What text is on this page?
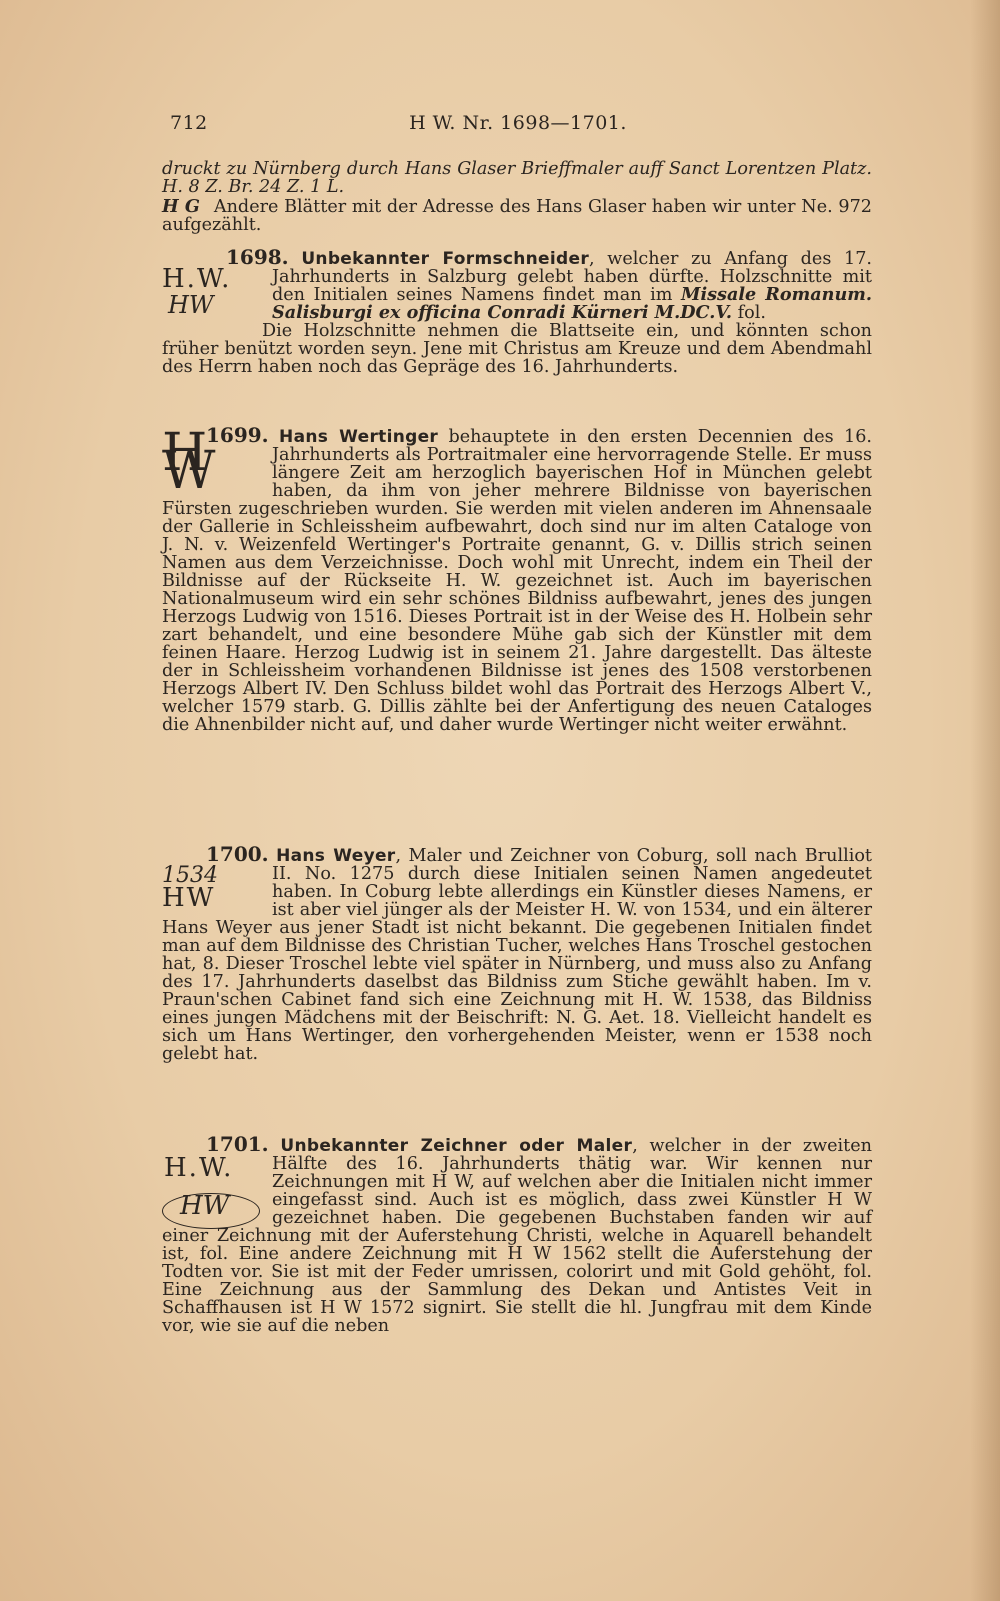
712	H W. Nr. 1698—1701.

druckt zu Nürnberg durch Hans Glaser Brieffmaler auff Sanct Lorentzen Platz. H. 8 Z. Br. 24 Z. 1 L.

H G Andere Blätter mit der Adresse des Hans Glaser haben wir unter Ne. 972 aufgezählt.

H.W.
HW
1698. Unbekannter Formschneider, welcher zu Anfang des 17. Jahrhunderts in Salzburg gelebt haben dürfte. Holzschnitte mit den Initialen seines Namens findet man im Missale Romanum. Salisburgi ex officina Conradi Kürneri M.DC.V. fol.

Die Holzschnitte nehmen die Blattseite ein, und könnten schon früher benützt worden seyn. Jene mit Christus am Kreuze und dem Abendmahl des Herrn haben noch das Gepräge des 16. Jahrhunderts.

H W
1699. Hans Wertinger behauptete in den ersten Decennien des 16. Jahrhunderts als Portraitmaler eine hervorragende Stelle. Er muss längere Zeit am herzoglich bayerischen Hof in München gelebt haben, da ihm von jeher mehrere Bildnisse von bayerischen Fürsten zugeschrieben wurden. Sie werden mit vielen anderen im Ahnensaale der Gallerie in Schleissheim aufbewahrt, doch sind nur im alten Cataloge von J. N. v. Weizenfeld Wertinger's Portraite genannt, G. v. Dillis strich seinen Namen aus dem Verzeichnisse. Doch wohl mit Unrecht, indem ein Theil der Bildnisse auf der Rückseite H. W. gezeichnet ist. Auch im bayerischen Nationalmuseum wird ein sehr schönes Bildniss aufbewahrt, jenes des jungen Herzogs Ludwig von 1516. Dieses Portrait ist in der Weise des H. Holbein sehr zart behandelt, und eine besondere Mühe gab sich der Künstler mit dem feinen Haare. Herzog Ludwig ist in seinem 21. Jahre dargestellt. Das älteste der in Schleissheim vorhandenen Bildnisse ist jenes des 1508 verstorbenen Herzogs Albert IV. Den Schluss bildet wohl das Portrait des Herzogs Albert V., welcher 1579 starb. G. Dillis zählte bei der Anfertigung des neuen Cataloges die Ahnenbilder nicht auf, und daher wurde Wertinger nicht weiter erwähnt.

1534
HW
1700. Hans Weyer, Maler und Zeichner von Coburg, soll nach Brulliot II. No. 1275 durch diese Initialen seinen Namen angedeutet haben. In Coburg lebte allerdings ein Künstler dieses Namens, er ist aber viel jünger als der Meister H. W. von 1534, und ein älterer Hans Weyer aus jener Stadt ist nicht bekannt. Die gegebenen Initialen findet man auf dem Bildnisse des Christian Tucher, welches Hans Troschel gestochen hat, 8. Dieser Troschel lebte viel später in Nürnberg, und muss also zu Anfang des 17. Jahrhunderts daselbst das Bildniss zum Stiche gewählt haben. Im v. Praun'schen Cabinet fand sich eine Zeichnung mit H. W. 1538, das Bildniss eines jungen Mädchens mit der Beischrift: N. G. Aet. 18. Vielleicht handelt es sich um Hans Wertinger, den vorhergehenden Meister, wenn er 1538 noch gelebt hat.

H.W.
HW
1701. Unbekannter Zeichner oder Maler, welcher in der zweiten Hälfte des 16. Jahrhunderts thätig war. Wir kennen nur Zeichnungen mit H W, auf welchen aber die Initialen nicht immer eingefasst sind. Auch ist es möglich, dass zwei Künstler H W gezeichnet haben. Die gegebenen Buchstaben fanden wir auf einer Zeichnung mit der Auferstehung Christi, welche in Aquarell behandelt ist, fol. Eine andere Zeichnung mit H W 1562 stellt die Auferstehung der Todten vor. Sie ist mit der Feder umrissen, colorirt und mit Gold gehöht, fol. Eine Zeichnung aus der Sammlung des Dekan und Antistes Veit in Schaffhausen ist H W 1572 signirt. Sie stellt die hl. Jungfrau mit dem Kinde vor, wie sie auf die neben
